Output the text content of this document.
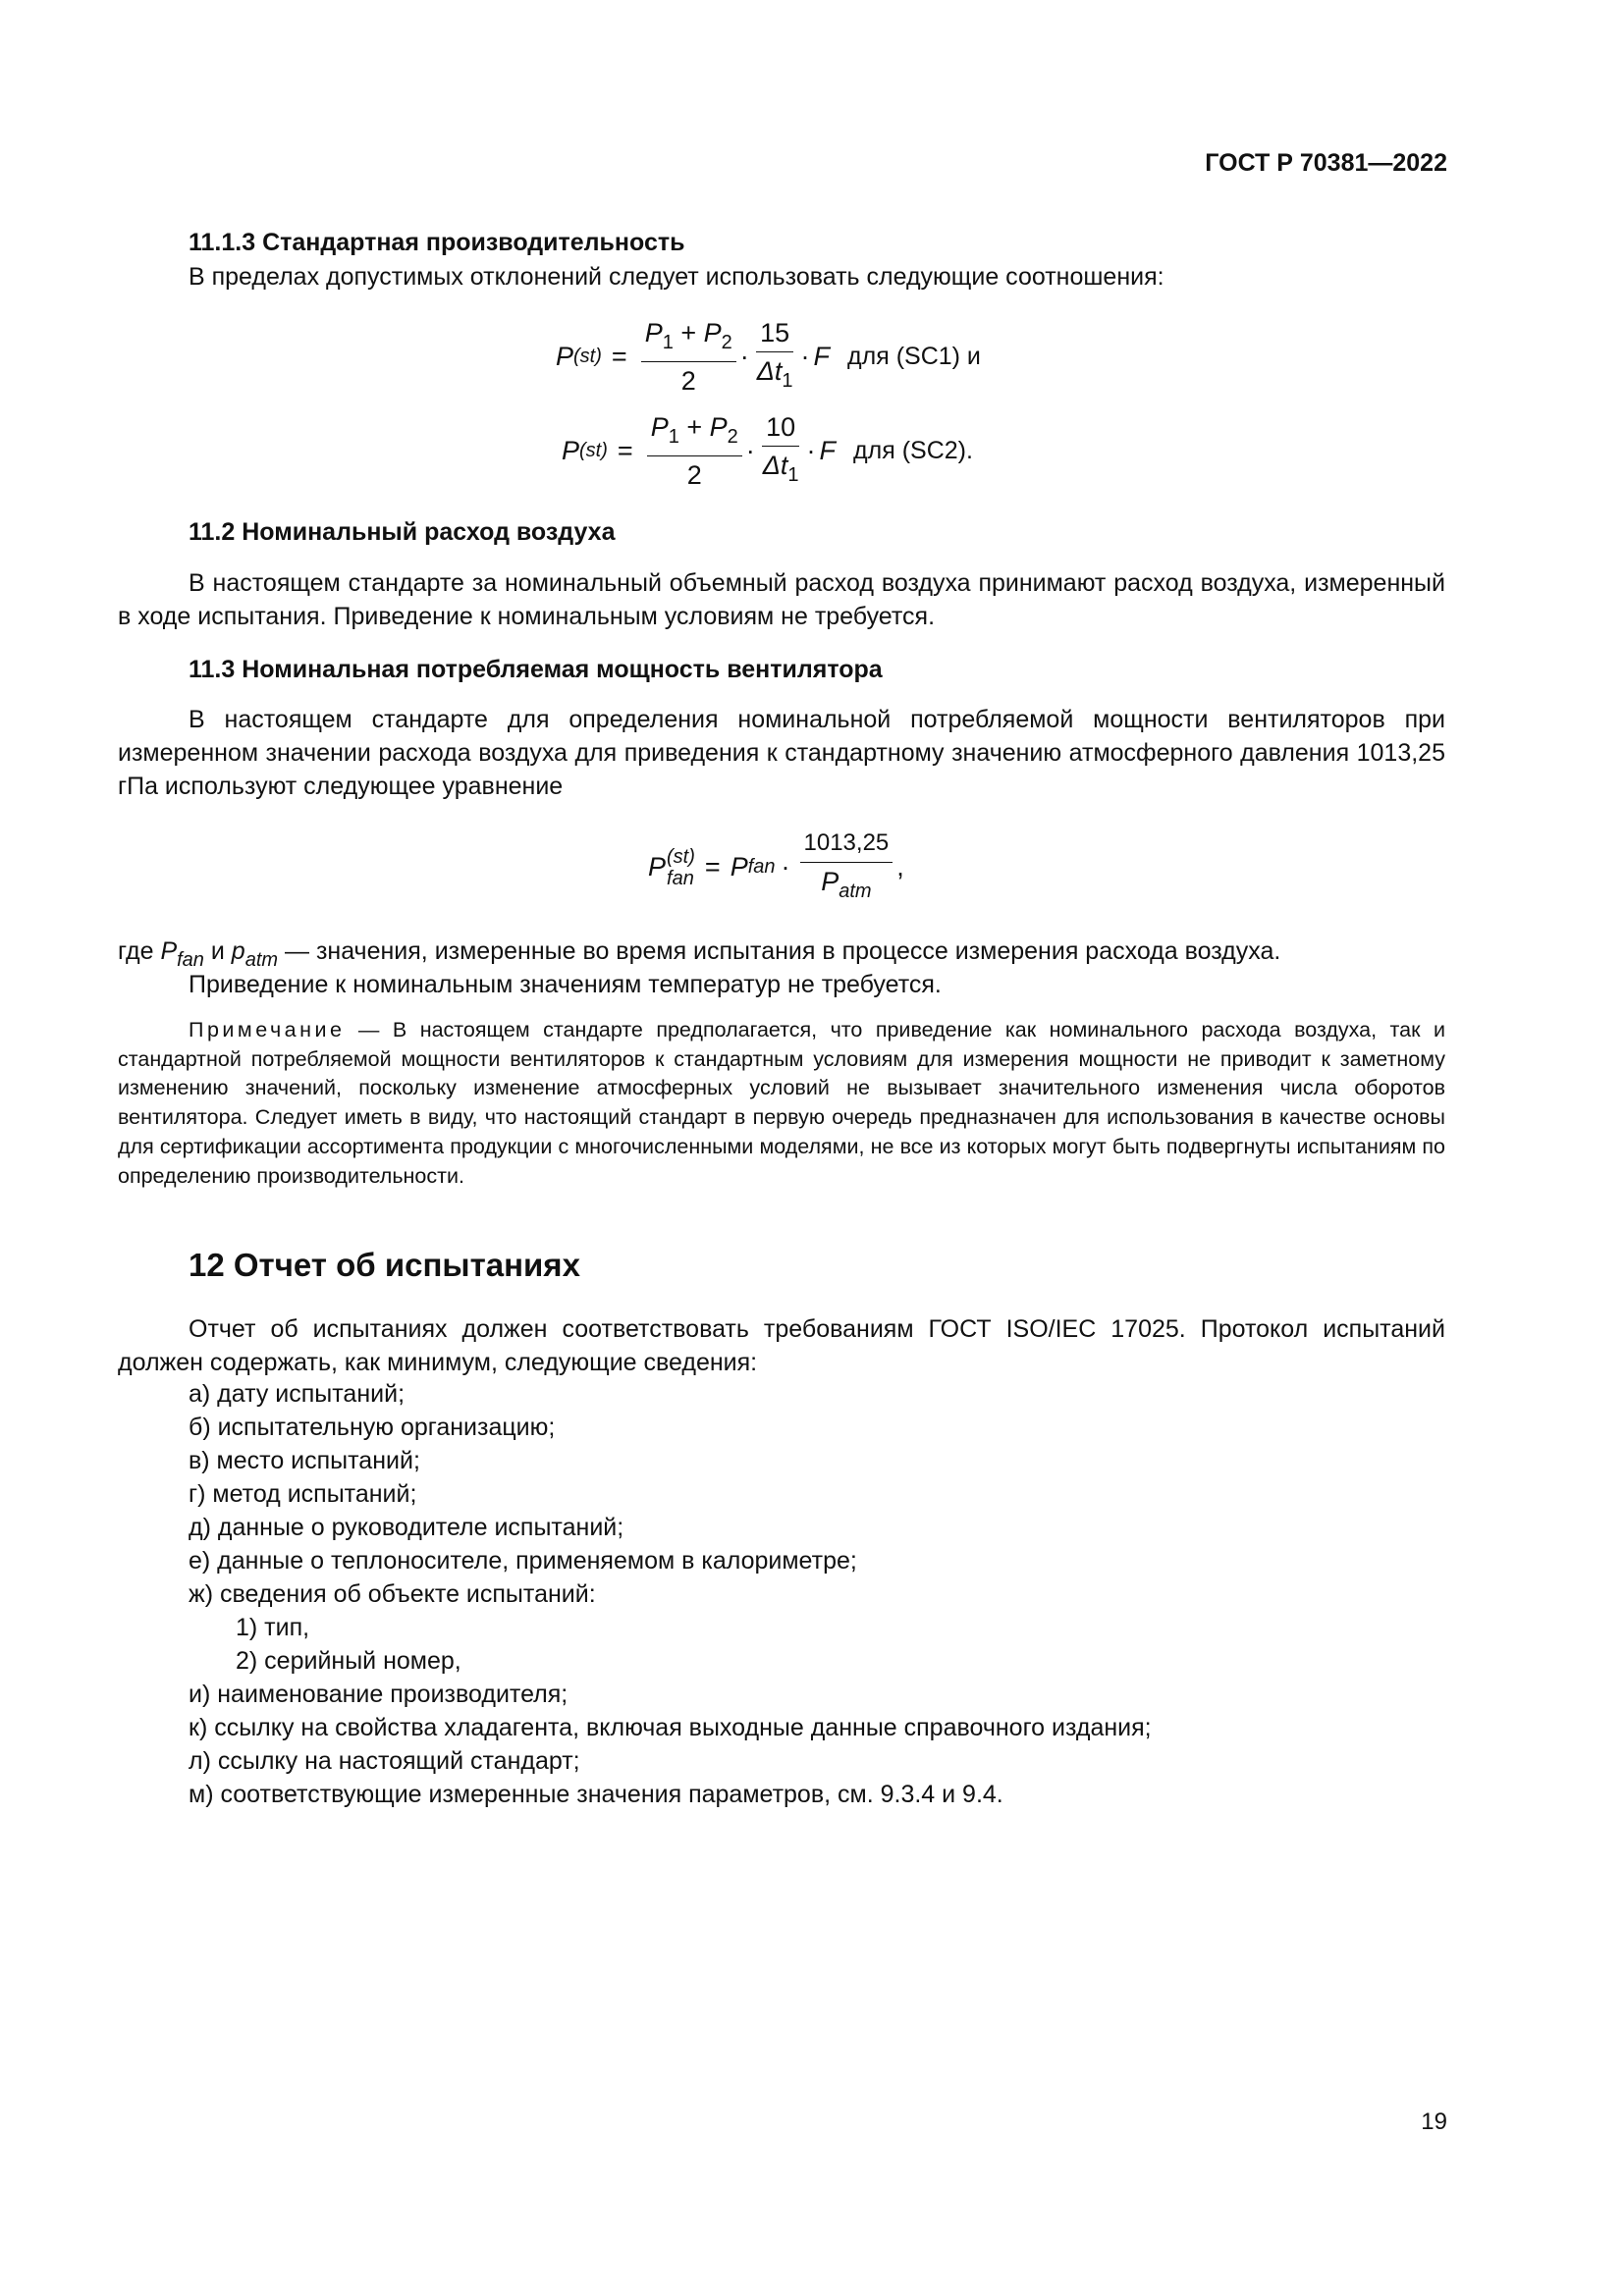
ГОСТ Р 70381—2022
11.1.3 Стандартная производительность
В пределах допустимых отклонений следует использовать следующие соотношения:
P $(st) = \frac{P_1 + P_2}{2} \cdot \frac{15}{\Delta t_1} \cdot F$ для (SC1) и
P $(st) = \frac{P_1 + P_2}{2} \cdot \frac{10}{\Delta t_1} \cdot F$ для (SC2).
11.2 Номинальный расход воздуха
В настоящем стандарте за номинальный объемный расход воздуха принимают расход воздуха, измеренный в ходе испытания. Приведение к номинальным условиям не требуется.
11.3 Номинальная потребляемая мощность вентилятора
В настоящем стандарте для определения номинальной потребляемой мощности вентиляторов при измеренном значении расхода воздуха для приведения к стандартному значению атмосферного давления 1013,25 гПа используют следующее уравнение
P (st)
fan = P fan · $\frac{1013,25}{P_{atm}}$ ,
где $P_{fan}$ и $p_{atm}$ — значения, измеренные во время испытания в процессе измерения расхода воздуха.
Приведение к номинальным значениям температур не требуется.
Примечание — В настоящем стандарте предполагается, что приведение как номинального расхода воздуха, так и стандартной потребляемой мощности вентиляторов к стандартным условиям для измерения мощности не приводит к заметному изменению значений, поскольку изменение атмосферных условий не вызывает значительного изменения числа оборотов вентилятора. Следует иметь в виду, что настоящий стандарт в первую очередь предназначен для использования в качестве основы для сертификации ассортимента продукции с многочисленными моделями, не все из которых могут быть подвергнуты испытаниям по определению производительности.
12 Отчет об испытаниях
Отчет об испытаниях должен соответствовать требованиям ГОСТ ISO/IEC 17025. Протокол испытаний должен содержать, как минимум, следующие сведения:
а) дату испытаний;
б) испытательную организацию;
в) место испытаний;
г) метод испытаний;
д) данные о руководителе испытаний;
е) данные о теплоносителе, применяемом в калориметре;
ж) сведения об объекте испытаний:
1) тип,
2) серийный номер,
и) наименование производителя;
к) ссылку на свойства хладагента, включая выходные данные справочного издания;
л) ссылку на настоящий стандарт;
м) соответствующие измеренные значения параметров, см. 9.3.4 и 9.4.
19
